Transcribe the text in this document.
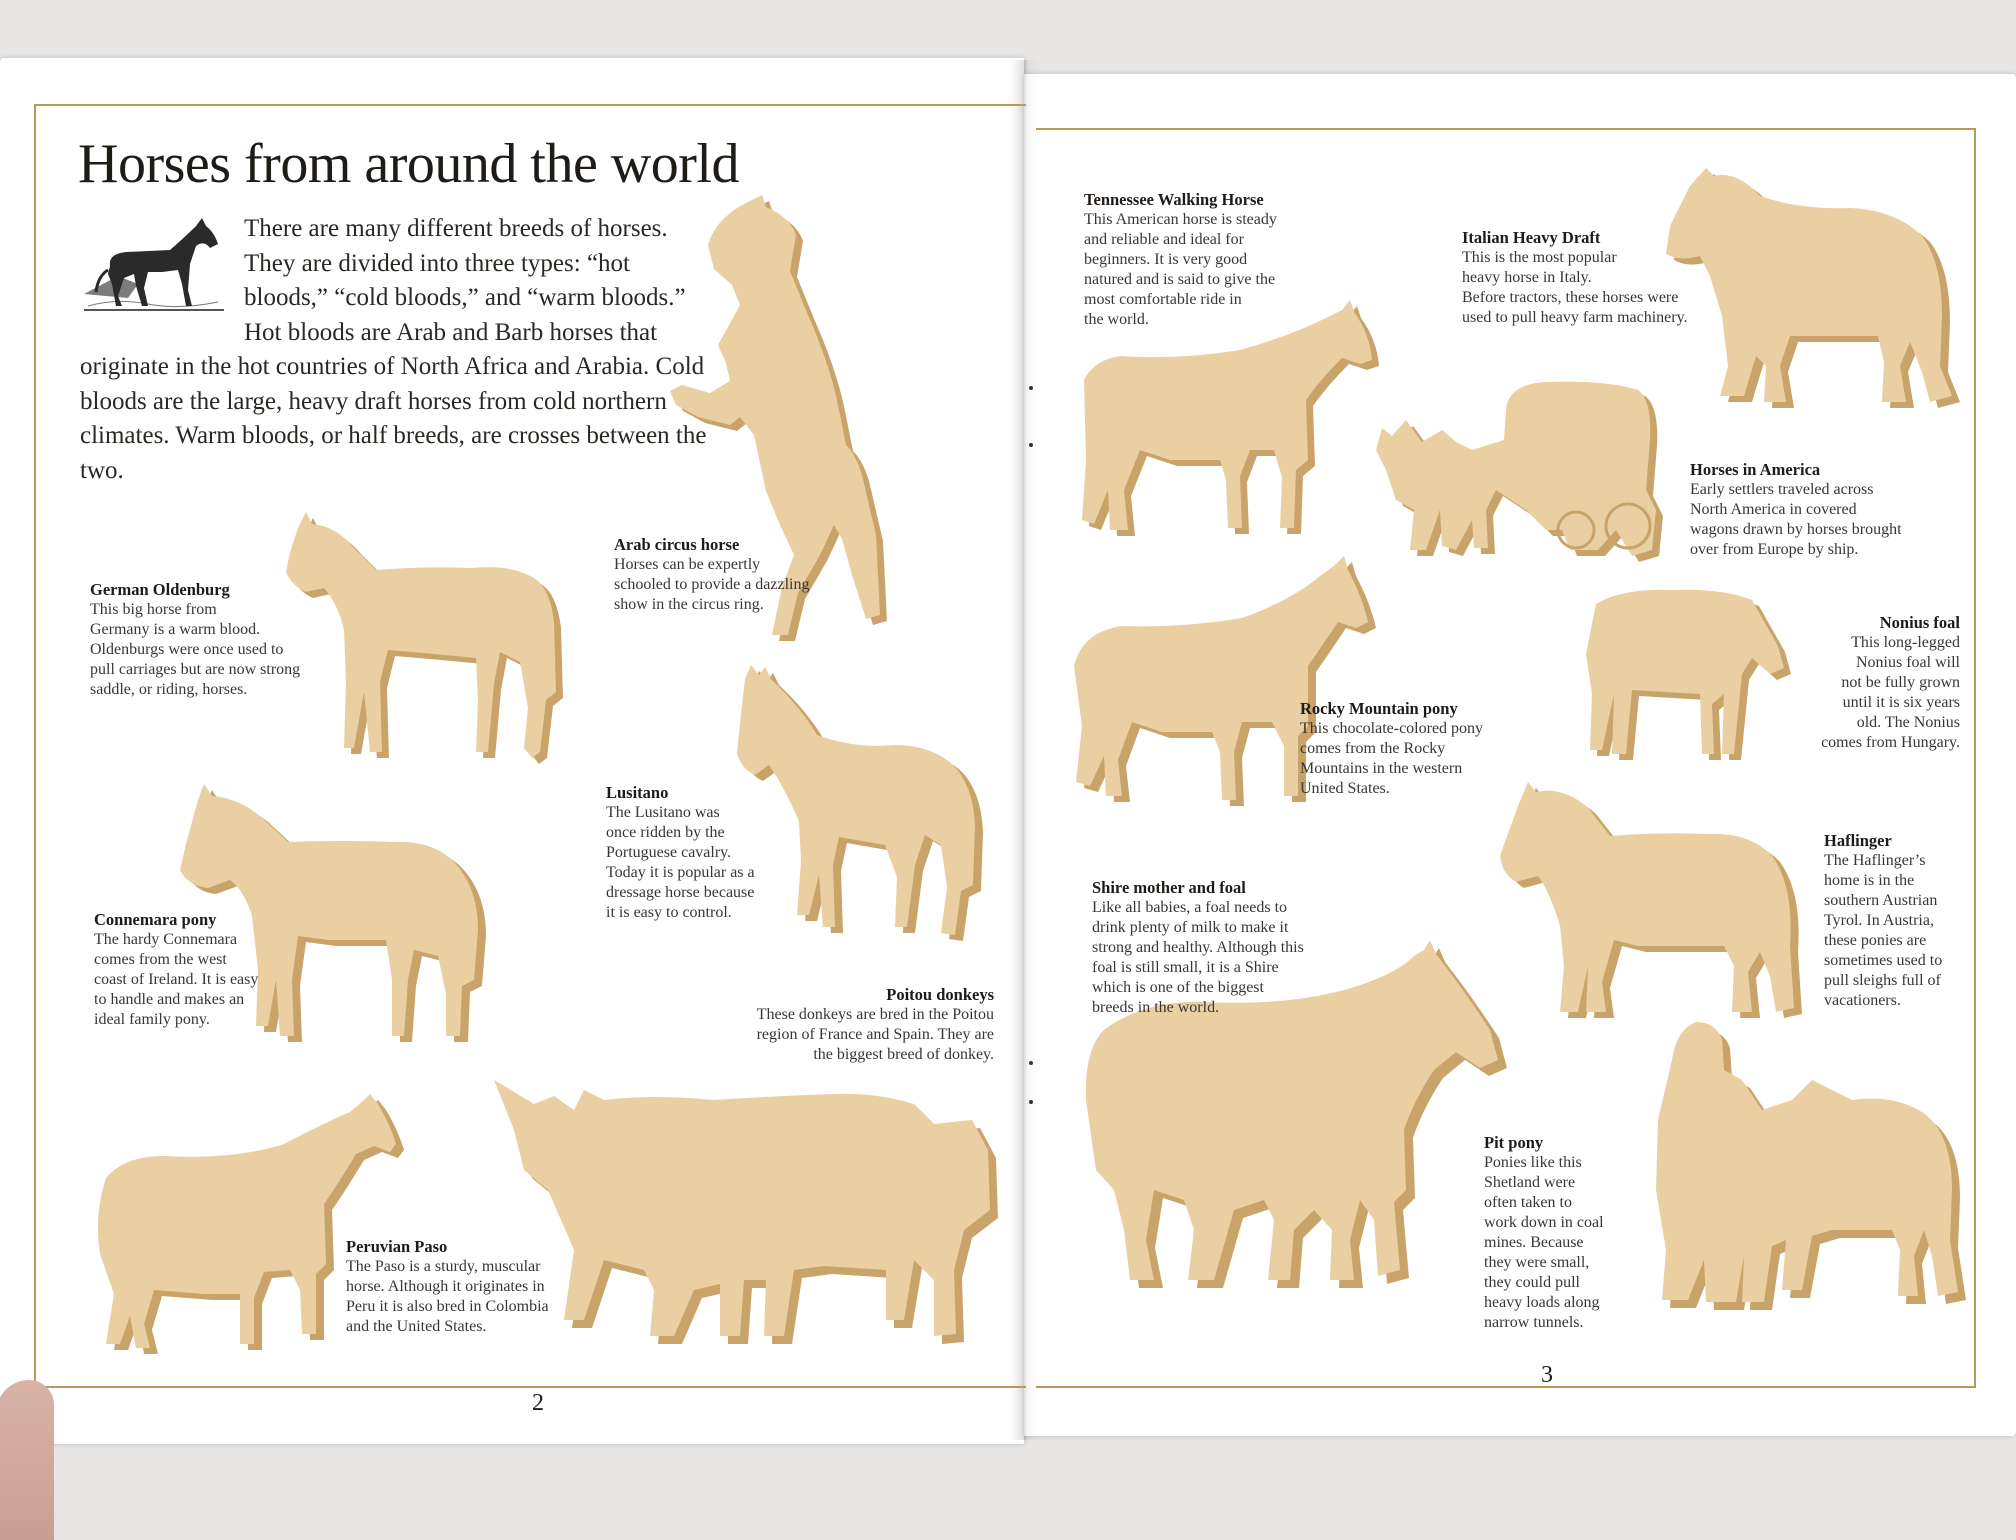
Horses from around the world
There are many different breeds of horses. They are divided into three types: “hot bloods,” “cold bloods,” and “warm bloods.” Hot bloods are Arab and Barb horses that originate in the hot countries of North Africa and Arabia. Cold bloods are the large, heavy draft horses from cold northern climates. Warm bloods, or half breeds, are crosses between the two.
German Oldenburg
This big horse from
Germany is a warm blood.
Oldenburgs were once used to
pull carriages but are now strong
saddle, or riding, horses.
Arab circus horse
Horses can be expertly
schooled to provide a dazzling
show in the circus ring.
Lusitano
The Lusitano was
once ridden by the
Portuguese cavalry.
Today it is popular as a
dressage horse because
it is easy to control.
Connemara pony
The hardy Connemara
comes from the west
coast of Ireland. It is easy
to handle and makes an
ideal family pony.
Poitou donkeys
These donkeys are bred in the Poitou
region of France and Spain. They are
the biggest breed of donkey.
Peruvian Paso
The Paso is a sturdy, muscular
horse. Although it originates in
Peru it is also bred in Colombia
and the United States.
Tennessee Walking Horse
This American horse is steady
and reliable and ideal for
beginners. It is very good
natured and is said to give the
most comfortable ride in
the world.
Italian Heavy Draft
This is the most popular
heavy horse in Italy.
Before tractors, these horses were
used to pull heavy farm machinery.
Horses in America
Early settlers traveled across
North America in covered
wagons drawn by horses brought
over from Europe by ship.
Nonius foal
This long-legged
Nonius foal will
not be fully grown
until it is six years
old. The Nonius
comes from Hungary.
Rocky Mountain pony
This chocolate-colored pony
comes from the Rocky
Mountains in the western
United States.
Haflinger
The Haflinger’s
home is in the
southern Austrian
Tyrol. In Austria,
these ponies are
sometimes used to
pull sleighs full of
vacationers.
Shire mother and foal
Like all babies, a foal needs to
drink plenty of milk to make it
strong and healthy. Although this
foal is still small, it is a Shire
which is one of the biggest
breeds in the world.
Pit pony
Ponies like this
Shetland were
often taken to
work down in coal
mines. Because
they were small,
they could pull
heavy loads along
narrow tunnels.
2
3
